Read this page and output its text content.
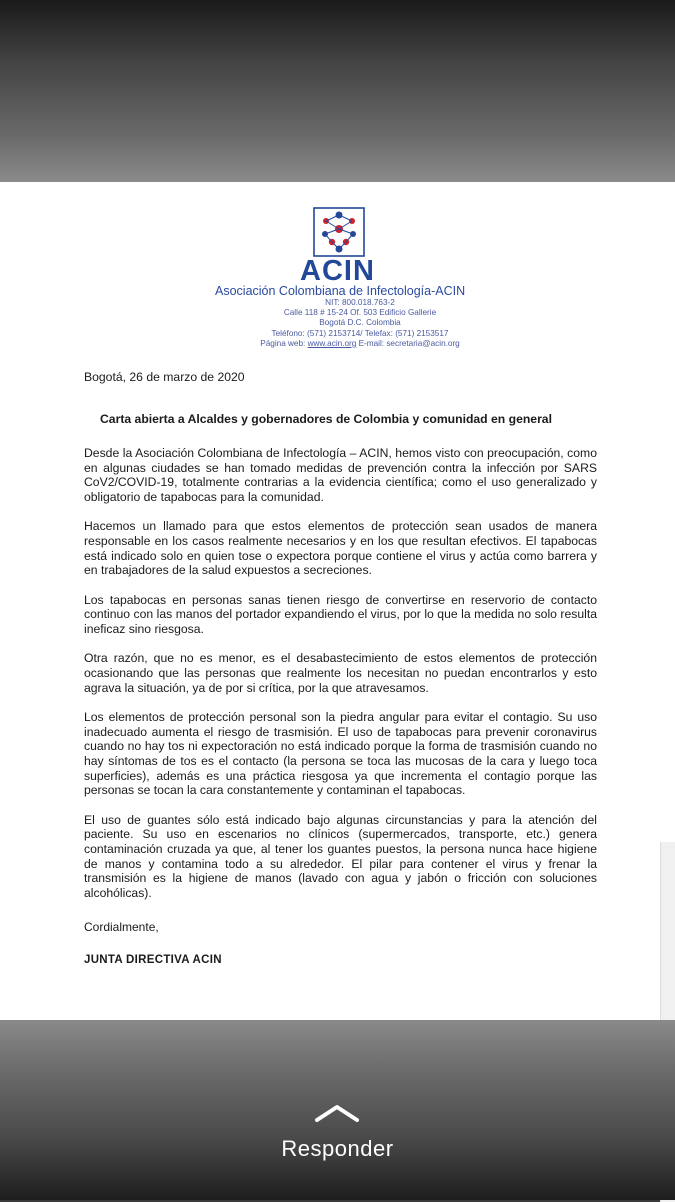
ACIN
Asociación Colombiana de Infectología-ACIN
NIT: 800.018.763-2
Calle 118 # 15-24 Of. 503 Edificio Gallerie
Bogotá D.C. Colombia
Teléfono: (571) 2153714/ Telefax: (571) 2153517
Página web: www.acin.org E-mail: secretaria@acin.org
Bogotá, 26 de marzo de 2020
Carta abierta a Alcaldes y gobernadores de Colombia y comunidad en general

Desde la Asociación Colombiana de Infectología – ACIN, hemos visto con preocupación, como en algunas ciudades se han tomado medidas de prevención contra la infección por SARS CoV2/COVID-19, totalmente contrarias a la evidencia científica; como el uso generalizado y obligatorio de tapabocas para la comunidad.

Hacemos un llamado para que estos elementos de protección sean usados de manera responsable en los casos realmente necesarios y en los que resultan efectivos. El tapabocas está indicado solo en quien tose o expectora porque contiene el virus y actúa como barrera y en trabajadores de la salud expuestos a secreciones.

Los tapabocas en personas sanas tienen riesgo de convertirse en reservorio de contacto continuo con las manos del portador expandiendo el virus, por lo que la medida no solo resulta ineficaz sino riesgosa.

Otra razón, que no es menor, es el desabastecimiento de estos elementos de protección ocasionando que las personas que realmente los necesitan no puedan encontrarlos y esto agrava la situación, ya de por si crítica, por la que atravesamos.

Los elementos de protección personal son la piedra angular para evitar el contagio. Su uso inadecuado aumenta el riesgo de trasmisión. El uso de tapabocas para prevenir coronavirus cuando no hay tos ni expectoración no está indicado porque la forma de trasmisión cuando no hay síntomas de tos es el contacto (la persona se toca las mucosas de la cara y luego toca superficies), además es una práctica riesgosa ya que incrementa el contagio porque las personas se tocan la cara constantemente y contaminan el tapabocas.

El uso de guantes sólo está indicado bajo algunas circunstancias y para la atención del paciente. Su uso en escenarios no clínicos (supermercados, transporte, etc.) genera contaminación cruzada ya que, al tener los guantes puestos, la persona nunca hace higiene de manos y contamina todo a su alrededor. El pilar para contener el virus y frenar la transmisión es la higiene de manos (lavado con agua y jabón o fricción con soluciones alcohólicas).

Cordialmente,
JUNTA DIRECTIVA ACIN
Responder
